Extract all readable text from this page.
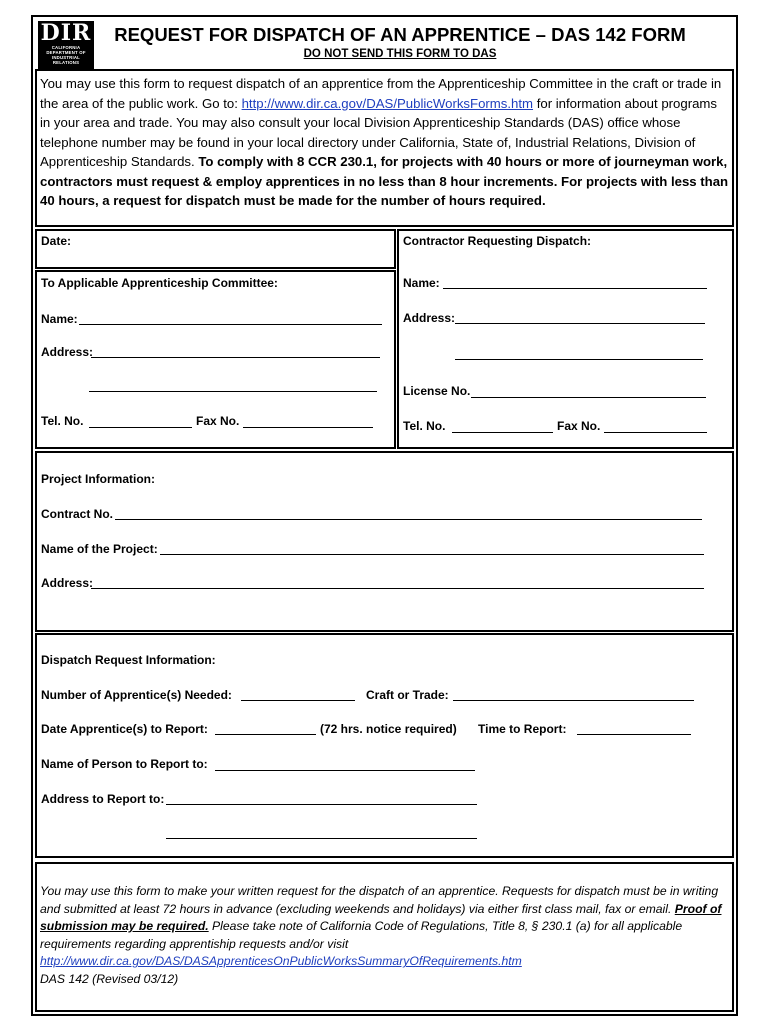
DIR
CALIFORNIA
DEPARTMENT OF
INDUSTRIAL
RELATIONS
REQUEST FOR DISPATCH OF AN APPRENTICE – DAS 142 FORM
DO NOT SEND THIS FORM TO DAS
You may use this form to request dispatch of an apprentice from the Apprenticeship Committee in the craft or trade in the area of the public work. Go to: http://www.dir.ca.gov/DAS/PublicWorksForms.htm for information about programs in your area and trade. You may also consult your local Division Apprenticeship Standards (DAS) office whose telephone number may be found in your local directory under California, State of, Industrial Relations, Division of Apprenticeship Standards. To comply with 8 CCR 230.1, for projects with 40 hours or more of journeyman work, contractors must request & employ apprentices in no less than 8 hour increments. For projects with less than 40 hours, a request for dispatch must be made for the number of hours required.
Date:
To Applicable Apprenticeship Committee:
Name:
Address:
Tel. No.	Fax No.
Contractor Requesting Dispatch:
Name:
Address:
License No.
Tel. No.	Fax No.
Project Information:
Contract No.
Name of the Project:
Address:
Dispatch Request Information:
Number of Apprentice(s) Needed:	Craft or Trade:
Date Apprentice(s) to Report:	(72 hrs. notice required) Time to Report:
Name of Person to Report to:
Address to Report to:
You may use this form to make your written request for the dispatch of an apprentice. Requests for dispatch must be in writing and submitted at least 72 hours in advance (excluding weekends and holidays) via either first class mail, fax or email. Proof of submission may be required. Please take note of California Code of Regulations, Title 8, § 230.1 (a) for all applicable requirements regarding apprentiship requests and/or visit
http://www.dir.ca.gov/DAS/DASApprenticesOnPublicWorksSummaryOfRequirements.htm
DAS 142 (Revised 03/12)
